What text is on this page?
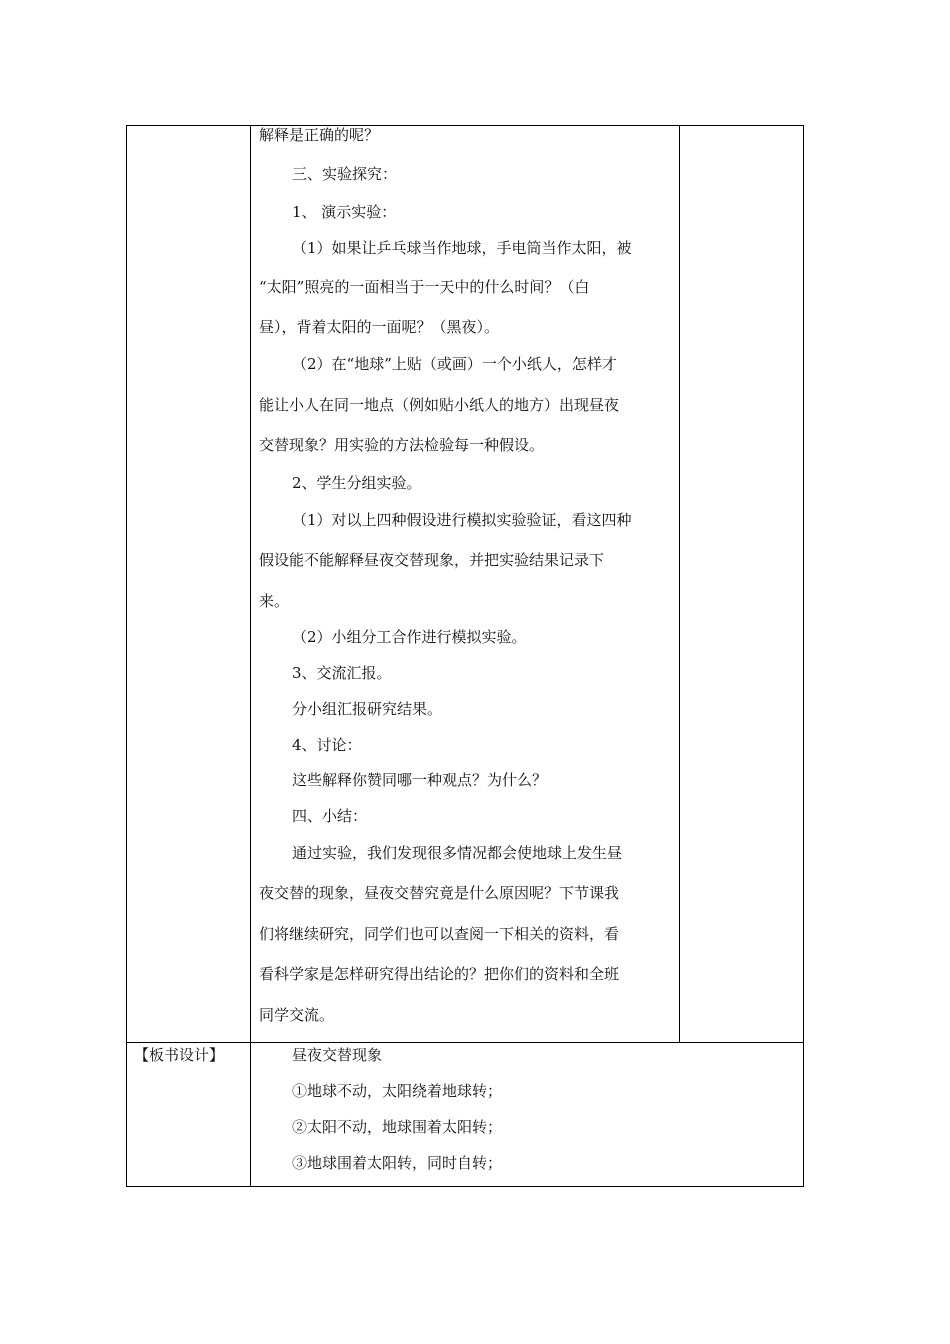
解释是正确的呢？
三、实验探究：
1、 演示实验：
（1）如果让乒乓球当作地球，手电筒当作太阳，被
“太阳”照亮的一面相当于一天中的什么时间？（白
昼），背着太阳的一面呢？（黑夜）。
（2）在“地球”上贴（或画）一个小纸人，怎样才
能让小人在同一地点（例如贴小纸人的地方）出现昼夜
交替现象？用实验的方法检验每一种假设。
2、学生分组实验。
（1）对以上四种假设进行模拟实验验证，看这四种
假设能不能解释昼夜交替现象，并把实验结果记录下
来。
（2）小组分工合作进行模拟实验。
3、交流汇报。
分小组汇报研究结果。
4、讨论：
这些解释你赞同哪一种观点？为什么？
四、小结：
通过实验，我们发现很多情况都会使地球上发生昼
夜交替的现象，昼夜交替究竟是什么原因呢？下节课我
们将继续研究，同学们也可以查阅一下相关的资料，看
看科学家是怎样研究得出结论的？把你们的资料和全班
同学交流。
【板书设计】	昼夜交替现象
①地球不动，太阳绕着地球转；
②太阳不动，地球围着太阳转；
③地球围着太阳转，同时自转；
